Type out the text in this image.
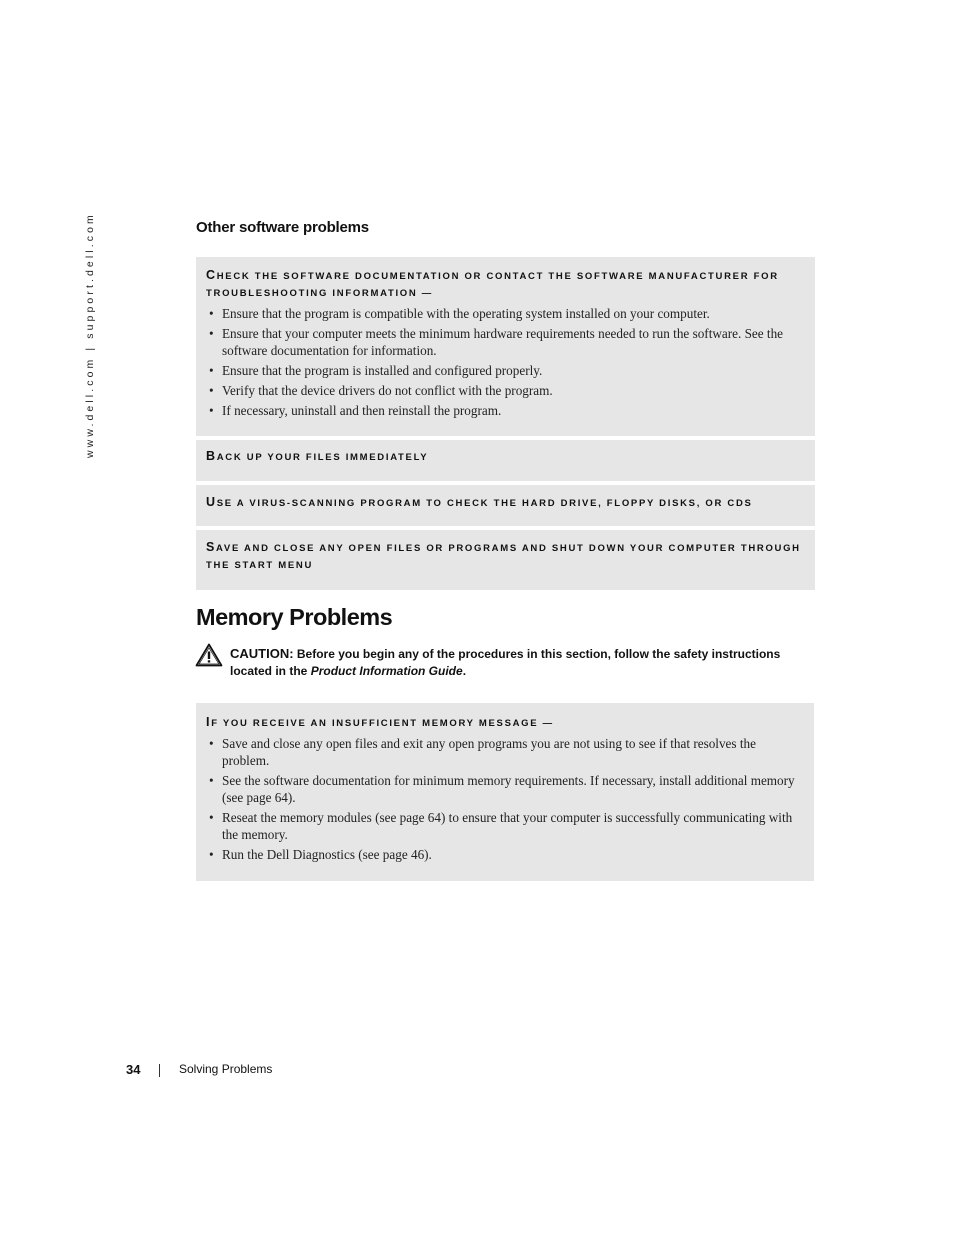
www.dell.com | support.dell.com	Other software problems
CHECK THE SOFTWARE DOCUMENTATION OR CONTACT THE SOFTWARE MANUFACTURER FOR TROUBLESHOOTING INFORMATION —
• Ensure that the program is compatible with the operating system installed on your computer.
• Ensure that your computer meets the minimum hardware requirements needed to run the software. See the software documentation for information.
• Ensure that the program is installed and configured properly.
• Verify that the device drivers do not conflict with the program.
• If necessary, uninstall and then reinstall the program.
BACK UP YOUR FILES IMMEDIATELY
USE A VIRUS-SCANNING PROGRAM TO CHECK THE HARD DRIVE, FLOPPY DISKS, OR CDS
SAVE AND CLOSE ANY OPEN FILES OR PROGRAMS AND SHUT DOWN YOUR COMPUTER THROUGH THE START MENU
Memory Problems
CAUTION: Before you begin any of the procedures in this section, follow the safety instructions located in the Product Information Guide.
IF YOU RECEIVE AN INSUFFICIENT MEMORY MESSAGE —
• Save and close any open files and exit any open programs you are not using to see if that resolves the problem.
• See the software documentation for minimum memory requirements. If necessary, install additional memory (see page 64).
• Reseat the memory modules (see page 64) to ensure that your computer is successfully communicating with the memory.
• Run the Dell Diagnostics (see page 46).
34	Solving Problems
